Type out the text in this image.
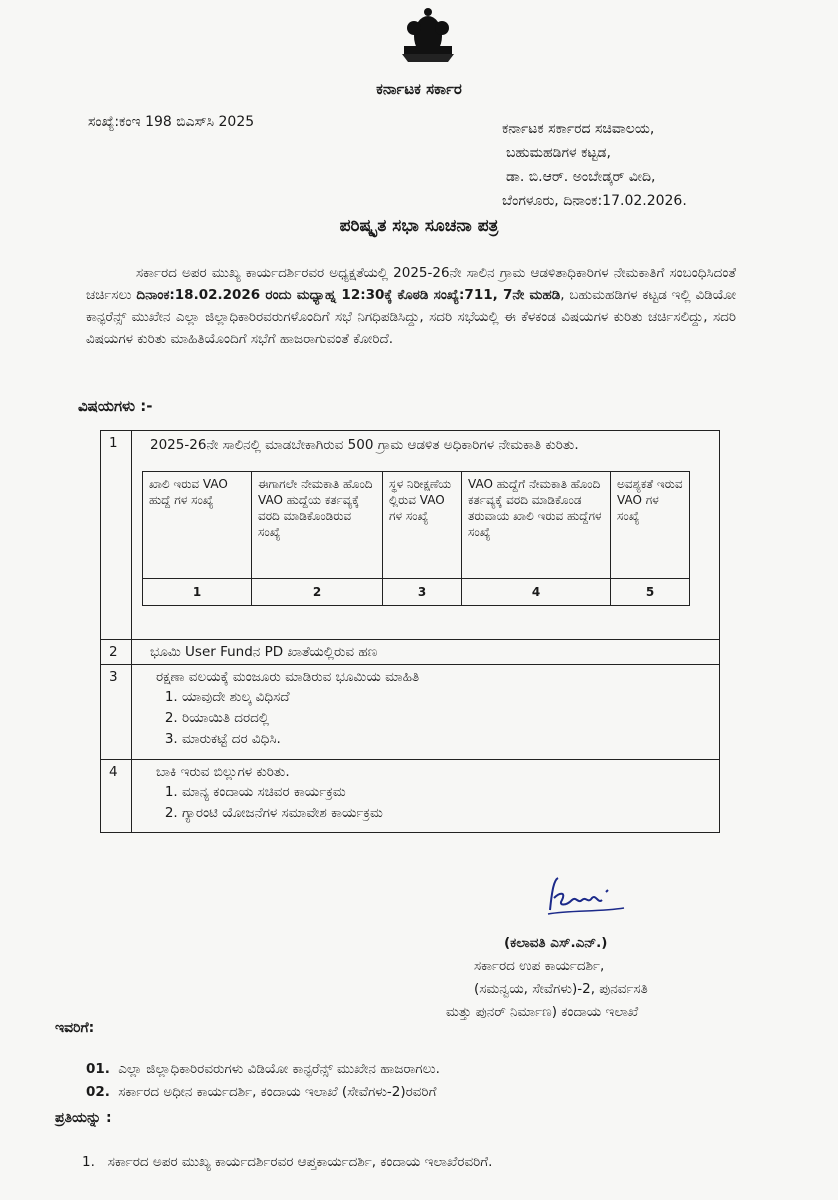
ಕರ್ನಾಟಕ ಸರ್ಕಾರ
ಸಂಖ್ಯೆ:ಕಂಇ 198 ಬಿಎಸ್‌ಸಿ 2025	ಕರ್ನಾಟಕ ಸರ್ಕಾರದ ಸಚಿವಾಲಯ,
ಬಹುಮಹಡಿಗಳ ಕಟ್ಟಡ,
ಡಾ. ಬಿ.ಆರ್. ಅಂಬೇಡ್ಕರ್ ವೀದಿ,
ಬೆಂಗಳೂರು, ದಿನಾಂಕ:17.02.2026.
ಪರಿಷ್ಕೃತ ಸಭಾ ಸೂಚನಾ ಪತ್ರ
ಸರ್ಕಾರದ ಅಪರ ಮುಖ್ಯ ಕಾರ್ಯದರ್ಶಿರವರ ಅಧ್ಯಕ್ಷತೆಯಲ್ಲಿ 2025-26ನೇ ಸಾಲಿನ ಗ್ರಾಮ ಆಡಳಿತಾಧಿಕಾರಿಗಳ ನೇಮಕಾತಿಗೆ ಸಂಬಂಧಿಸಿದಂತೆ ಚರ್ಚಿಸಲು ದಿನಾಂಕ:18.02.2026 ರಂದು ಮಧ್ಯಾಹ್ನ 12:30ಕ್ಕೆ ಕೊಠಡಿ ಸಂಖ್ಯೆ:711, 7ನೇ ಮಹಡಿ, ಬಹುಮಹಡಿಗಳ ಕಟ್ಟಡ ಇಲ್ಲಿ ವಿಡಿಯೋ ಕಾನ್ಫರೆನ್ಸ್ ಮುಖೇನ ಎಲ್ಲಾ ಜಿಲ್ಲಾಧಿಕಾರಿರವರುಗಳೊಂದಿಗೆ ಸಭೆ ನಿಗಧಿಪಡಿಸಿದ್ದು, ಸದರಿ ಸಭೆಯಲ್ಲಿ ಈ ಕೆಳಕಂಡ ವಿಷಯಗಳ ಕುರಿತು ಚರ್ಚಿಸಲಿದ್ದು, ಸದರಿ ವಿಷಯಗಳ ಕುರಿತು ಮಾಹಿತಿಯೊಂದಿಗೆ ಸಭೆಗೆ ಹಾಜರಾಗುವಂತೆ ಕೋರಿದೆ.
ವಿಷಯಗಳು :-
1	2025-26ನೇ ಸಾಲಿನಲ್ಲಿ ಮಾಡಬೇಕಾಗಿರುವ 500 ಗ್ರಾಮ ಆಡಳಿತ ಅಧಿಕಾರಿಗಳ ನೇಮಕಾತಿ ಕುರಿತು.
ಖಾಲಿ ಇರುವ VAO ಹುದ್ದೆ ಗಳ ಸಂಖ್ಯೆ	ಈಗಾಗಲೇ ನೇಮಕಾತಿ ಹೊಂದಿ VAO ಹುದ್ದೆಯ ಕರ್ತವ್ಯಕ್ಕೆ ವರದಿ ಮಾಡಿಕೊಂಡಿರುವ ಸಂಖ್ಯೆ	ಸ್ಥಳ ನಿರೀಕ್ಷಣೆಯ ಲ್ಲಿರುವ VAO ಗಳ ಸಂಖ್ಯೆ	VAO ಹುದ್ದೆಗೆ ನೇಮಕಾತಿ ಹೊಂದಿ ಕರ್ತವ್ಯಕ್ಕೆ ವರದಿ ಮಾಡಿಕೊಂಡ ತರುವಾಯ ಖಾಲಿ ಇರುವ ಹುದ್ದೆಗಳ ಸಂಖ್ಯೆ	ಅವಶ್ಯಕತೆ ಇರುವ VAO ಗಳ ಸಂಖ್ಯೆ
1	2	3	4	5

2	ಭೂಮಿ User Fundನ PD ಖಾತೆಯಲ್ಲಿರುವ ಹಣ
3	ರಕ್ಷಣಾ ವಲಯಕ್ಕೆ ಮಂಜೂರು ಮಾಡಿರುವ ಭೂಮಿಯ ಮಾಹಿತಿ
1. ಯಾವುದೇ ಶುಲ್ಕ ವಿಧಿಸದೆ
2. ರಿಯಾಯಿತಿ ದರದಲ್ಲಿ
3. ಮಾರುಕಟ್ಟೆ ದರ ವಿಧಿಸಿ.

4	ಬಾಕಿ ಇರುವ ಬಿಲ್ಲುಗಳ ಕುರಿತು.
1. ಮಾನ್ಯ ಕಂದಾಯ ಸಚಿವರ ಕಾರ್ಯಕ್ರಮ
2. ಗ್ಯಾರಂಟಿ ಯೋಜನೆಗಳ ಸಮಾವೇಶ ಕಾರ್ಯಕ್ರಮ
(ಕಲಾವತಿ ಎಸ್.ಎನ್.)
ಸರ್ಕಾರದ ಉಪ ಕಾರ್ಯದರ್ಶಿ,
(ಸಮನ್ವಯ, ಸೇವೆಗಳು)-2, ಪುನರ್ವಸತಿ
ಮತ್ತು ಪುನರ್ ನಿರ್ಮಾಣ) ಕಂದಾಯ ಇಲಾಖೆ
ಇವರಿಗೆ:
01. ಎಲ್ಲಾ ಜಿಲ್ಲಾಧಿಕಾರಿರವರುಗಳು ವಿಡಿಯೋ ಕಾನ್ಫರೆನ್ಸ್ ಮುಖೇನ ಹಾಜರಾಗಲು.
02. ಸರ್ಕಾರದ ಅಧೀನ ಕಾರ್ಯದರ್ಶಿ, ಕಂದಾಯ ಇಲಾಖೆ (ಸೇವೆಗಳು-2)ರವರಿಗೆ
ಪ್ರತಿಯನ್ನು :
1. ಸರ್ಕಾರದ ಅಪರ ಮುಖ್ಯ ಕಾರ್ಯದರ್ಶಿರವರ ಆಪ್ತಕಾರ್ಯದರ್ಶಿ, ಕಂದಾಯ ಇಲಾಖೆರವರಿಗೆ.
